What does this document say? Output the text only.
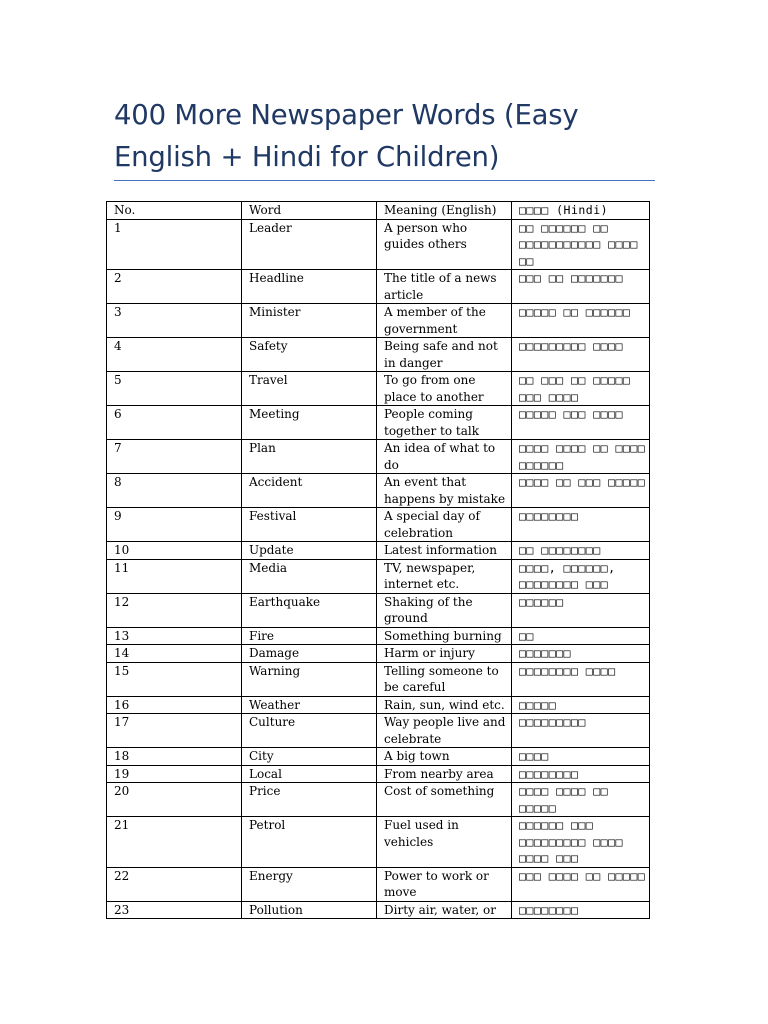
400 More Newspaper Words (Easy English + Hindi for Children)
No.	Word	Meaning (English)	□□□□ (Hindi)
1	Leader	A person who guides others	□□ □□□□□□ □□ □□□□□□□□□□□ □□□□ □□
2	Headline	The title of a news article	□□□ □□ □□□□□□□
3	Minister	A member of the government	□□□□□ □□ □□□□□□
4	Safety	Being safe and not in danger	□□□□□□□□□ □□□□
5	Travel	To go from one place to another	□□ □□□ □□ □□□□□ □□□ □□□□
6	Meeting	People coming together to talk	□□□□□ □□□ □□□□
7	Plan	An idea of what to do	□□□□ □□□□ □□ □□□□ □□□□□□
8	Accident	An event that happens by mistake	□□□□ □□ □□□ □□□□□
9	Festival	A special day of celebration	□□□□□□□□
10	Update	Latest information	□□ □□□□□□□□
11	Media	TV, newspaper, internet etc.	□□□□, □□□□□□, □□□□□□□□ □□□
12	Earthquake	Shaking of the ground	□□□□□□
13	Fire	Something burning	□□
14	Damage	Harm or injury	□□□□□□□
15	Warning	Telling someone to be careful	□□□□□□□□ □□□□
16	Weather	Rain, sun, wind etc.	□□□□□
17	Culture	Way people live and celebrate	□□□□□□□□□
18	City	A big town	□□□□
19	Local	From nearby area	□□□□□□□□
20	Price	Cost of something	□□□□ □□□□ □□ □□□□□
21	Petrol	Fuel used in vehicles	□□□□□□ □□□ □□□□□□□□□ □□□□ □□□□ □□□
22	Energy	Power to work or move	□□□ □□□□ □□ □□□□□
23	Pollution	Dirty air, water, or	□□□□□□□□
